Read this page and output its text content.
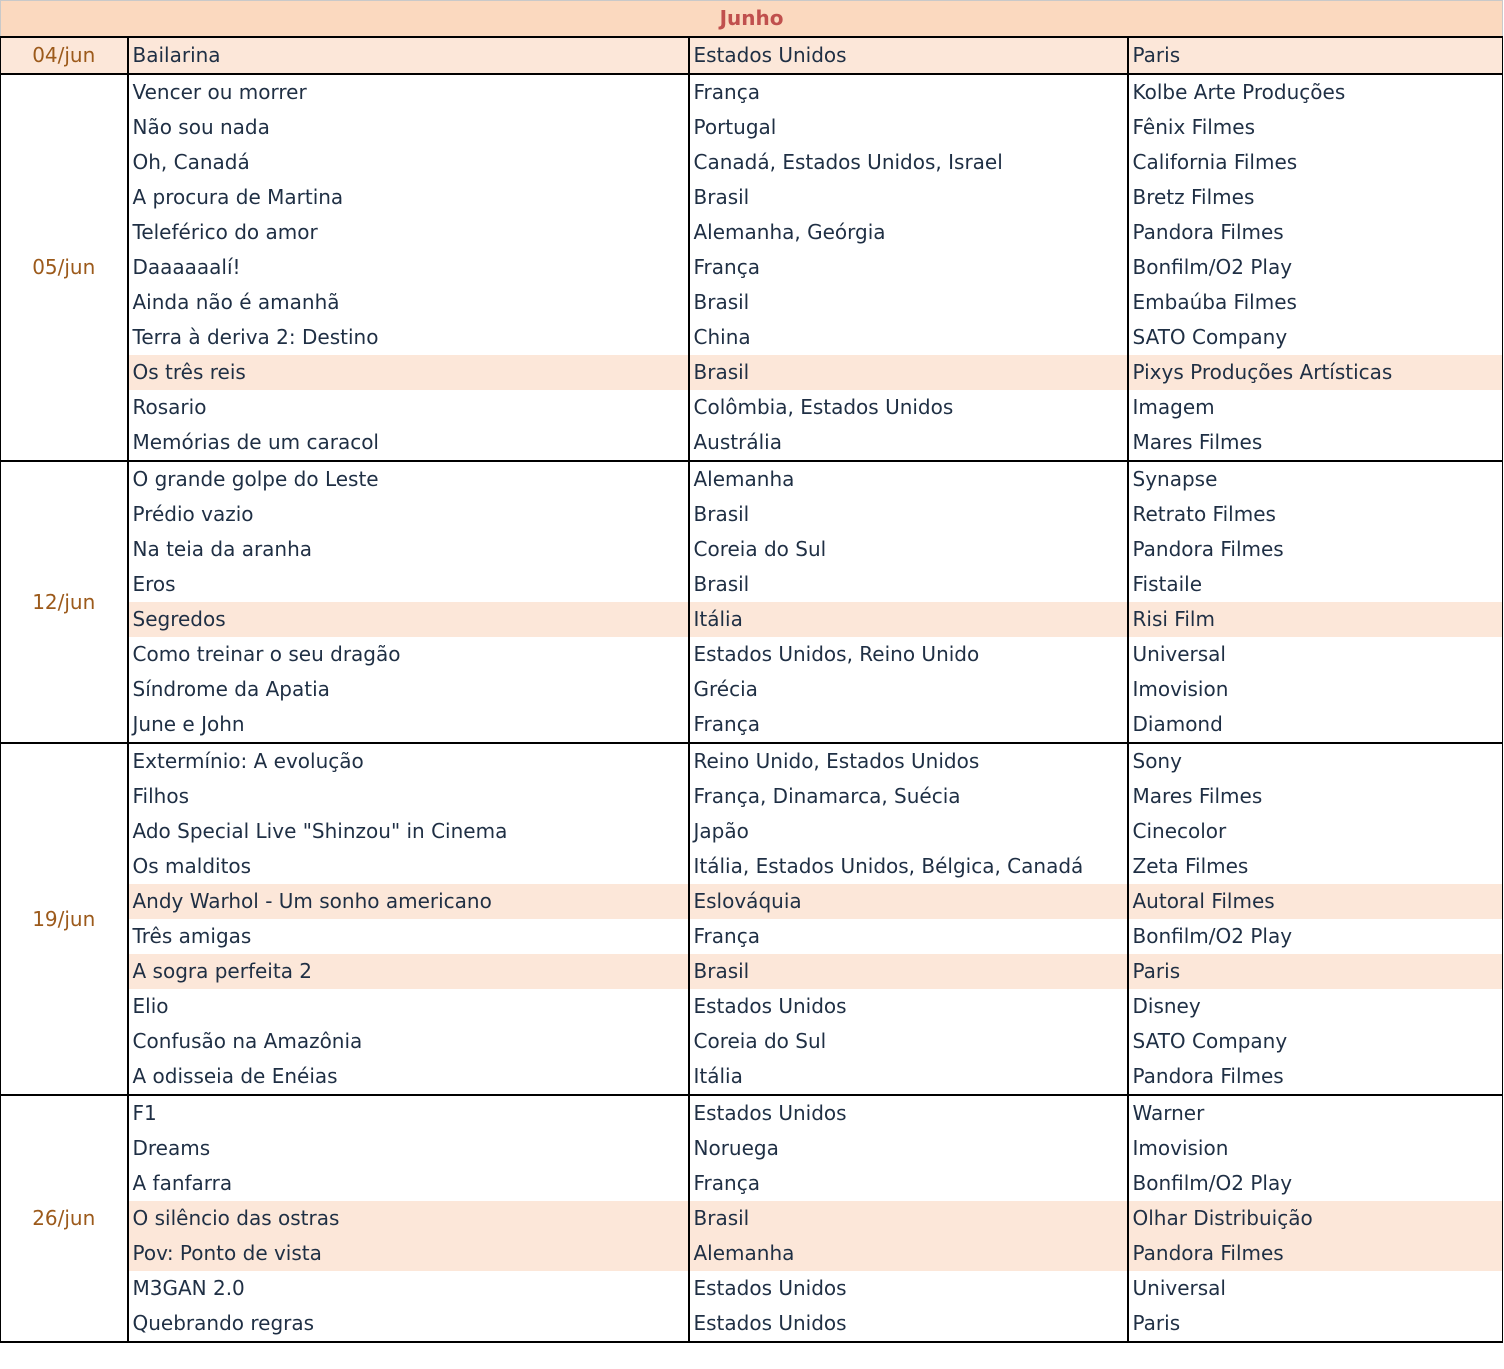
Junho			
04/jun	Bailarina	Estados Unidos	Paris
05/jun	Vencer ou morrer	França	Kolbe Arte Produções
	Não sou nada	Portugal	Fênix Filmes
	Oh, Canadá	Canadá, Estados Unidos, Israel	California Filmes
	A procura de Martina	Brasil	Bretz Filmes
	Teleférico do amor	Alemanha, Geórgia	Pandora Filmes
	Daaaaaalí!	França	Bonfilm/O2 Play
	Ainda não é amanhã	Brasil	Embaúba Filmes
	Terra à deriva 2: Destino	China	SATO Company
	Os três reis	Brasil	Pixys Produções Artísticas
	Rosario	Colômbia, Estados Unidos	Imagem
	Memórias de um caracol	Austrália	Mares Filmes
12/jun	O grande golpe do Leste	Alemanha	Synapse
	Prédio vazio	Brasil	Retrato Filmes
	Na teia da aranha	Coreia do Sul	Pandora Filmes
	Eros	Brasil	Fistaile
	Segredos	Itália	Risi Film
	Como treinar o seu dragão	Estados Unidos, Reino Unido	Universal
	Síndrome da Apatia	Grécia	Imovision
	June e John	França	Diamond
19/jun	Extermínio: A evolução	Reino Unido, Estados Unidos	Sony
	Filhos	França, Dinamarca, Suécia	Mares Filmes
	Ado Special Live "Shinzou" in Cinema	Japão	Cinecolor
	Os malditos	Itália, Estados Unidos, Bélgica, Canadá	Zeta Filmes
	Andy Warhol - Um sonho americano	Eslováquia	Autoral Filmes
	Três amigas	França	Bonfilm/O2 Play
	A sogra perfeita 2	Brasil	Paris
	Elio	Estados Unidos	Disney
	Confusão na Amazônia	Coreia do Sul	SATO Company
	A odisseia de Enéias	Itália	Pandora Filmes
26/jun	F1	Estados Unidos	Warner
	Dreams	Noruega	Imovision
	A fanfarra	França	Bonfilm/O2 Play
	O silêncio das ostras	Brasil	Olhar Distribuição
	Pov: Ponto de vista	Alemanha	Pandora Filmes
	M3GAN 2.0	Estados Unidos	Universal
	Quebrando regras	Estados Unidos	Paris
